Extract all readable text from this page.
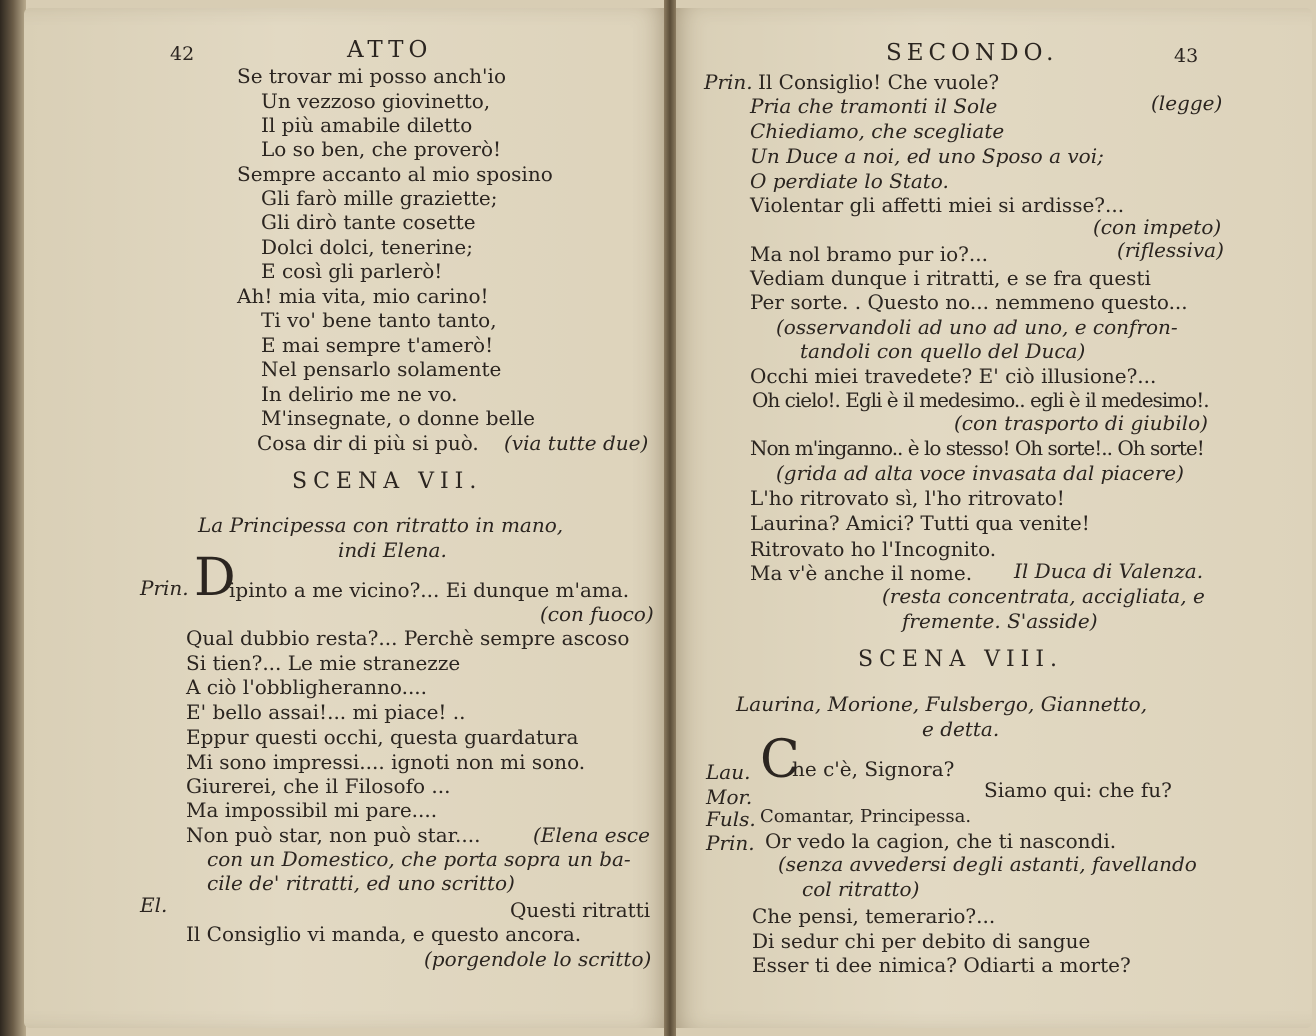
42	ATTO
Se trovar mi posso anch'io
Un vezzoso giovinetto,
Il più amabile diletto
Lo so ben, che proverò!
Sempre accanto al mio sposino
Gli farò mille graziette;
Gli dirò tante cosette
Dolci dolci, tenerine;
E così gli parlerò!
Ah! mia vita, mio carino!
Ti vo' bene tanto tanto,
E mai sempre t'amerò!
Nel pensarlo solamente
In delirio me ne vo.
M'insegnate, o donne belle
Cosa dir di più si può. (via tutte due)
SCENA VII.
La Principessa con ritratto in mano,
indi Elena.
Prin. D
ipinto a me vicino?... Ei dunque m'ama.
(con fuoco)
Qual dubbio resta?... Perchè sempre ascoso
Si tien?... Le mie stranezze
A ciò l'obbligheranno....
E' bello assai!... mi piace! ..
Eppur questi occhi, questa guardatura
Mi sono impressi.... ignoti non mi sono.
Giurerei, che il Filosofo ...
Ma impossibil mi pare....
Non può star, non può star....	(Elena esce
con un Domestico, che porta sopra un ba-
cile de' ritratti, ed uno scritto)
El.	Questi ritratti
Il Consiglio vi manda, e questo ancora.
(porgendole lo scritto)
SECONDO.	43
Prin. Il Consiglio! Che vuole?
Pria che tramonti il Sole	(legge)
Chiediamo, che scegliate
Un Duce a noi, ed uno Sposo a voi;
O perdiate lo Stato.
Violentar gli affetti miei si ardisse?...
(con impeto)
Ma nol bramo pur io?...	(riflessiva)
Vediam dunque i ritratti, e se fra questi
Per sorte. . Questo no... nemmeno questo...
(osservandoli ad uno ad uno, e confron-
tandoli con quello del Duca)
Occhi miei travedete? E' ciò illusione?...
Oh cielo!. Egli è il medesimo.. egli è il medesimo!.
(con trasporto di giubilo)
Non m'inganno.. è lo stesso! Oh sorte!.. Oh sorte!
(grida ad alta voce invasata dal piacere)
L'ho ritrovato sì, l'ho ritrovato!
Laurina? Amici? Tutti qua venite!
Ritrovato ho l'Incognito.
Ma v'è anche il nome. Il Duca di Valenza.
(resta concentrata, accigliata, e
fremente. S'asside)
SCENA VIII.
Laurina, Morione, Fulsbergo, Giannetto,
e detta.
Lau. C
he c'è, Signora?
Mor.	Siamo qui: che fu?
Fuls. Comantar, Principessa.
Prin. Or vedo la cagion, che ti nascondi.
(senza avvedersi degli astanti, favellando
col ritratto)
Che pensi, temerario?...
Di sedur chi per debito di sangue
Esser ti dee nimica? Odiarti a morte?
